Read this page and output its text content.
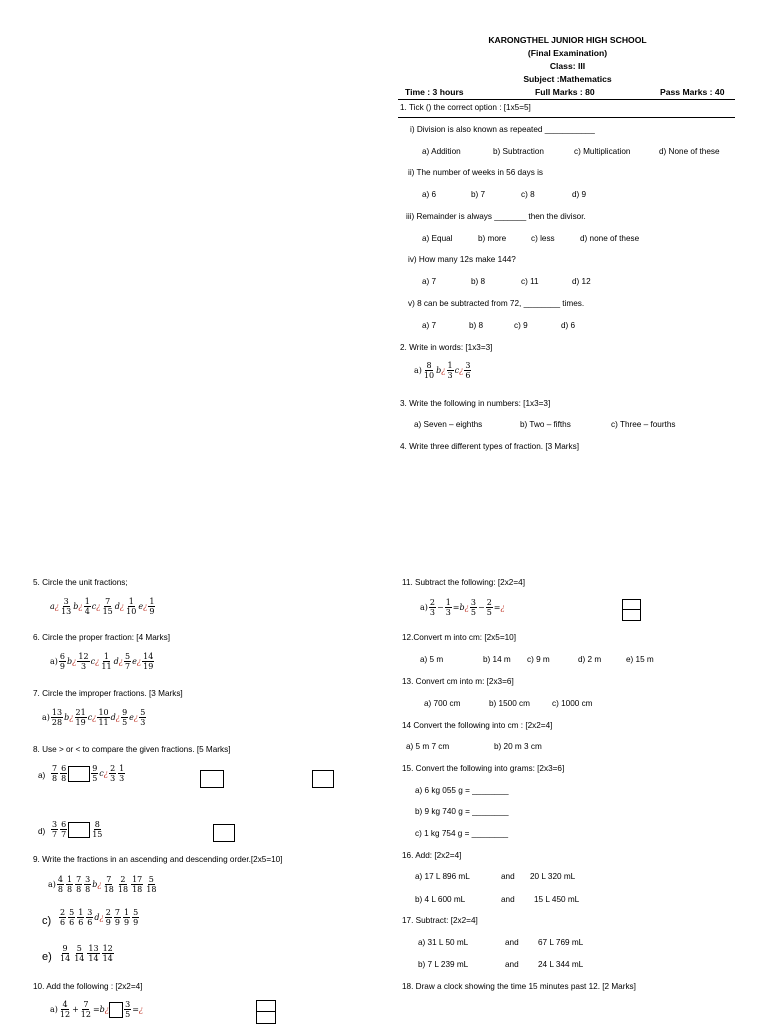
KARONGTHEL JUNIOR HIGH SCHOOL
(Final Examination)
Class: III
Subject :Mathematics
Time : 3 hours	Full Marks : 80	Pass Marks : 40
1. Tick () the correct option : [1x5=5]
i) Division is also known as repeated ___________
a) Addition	b) Subtraction	c) Multiplication	d) None of these
ii) The number of weeks in 56 days is
a) 6	b) 7	c) 8	d) 9
iii) Remainder is always _______ then the divisor.
a) Equal	b) more	c) less	d) none of these
iv) How many 12s make 144?
a) 7	b) 8	c) 11	d) 12
v) 8 can be subtracted from 72, ________ times.
a) 7	b) 8	c) 9	d) 6
2. Write in words: [1x3=3]
$a) \frac{8}{10}$ b ¿ $\frac{1}{3}$ c ¿ $\frac{3}{6}$
3. Write the following in numbers: [1x3=3]
a) Seven – eighths	b) Two – fifths	c) Three – fourths
4. Write three different types of fraction. [3 Marks]
5. Circle the unit fractions;
a ¿ $\frac{3}{13}$ b ¿ $\frac{1}{4}$ c ¿ $\frac{7}{15}$ d ¿ $\frac{1}{10}$ e ¿ $\frac{1}{9}$
6. Circle the proper fraction: [4 Marks]
$a) \frac{6}{9}$ b ¿ $\frac{12}{3}$ c ¿ $\frac{1}{11}$ d ¿ $\frac{5}{7}$ e ¿ $\frac{14}{19}$
7. Circle the improper fractions. [3 Marks]
$a) \frac{13}{28}$ b ¿ $\frac{21}{19}$ c ¿ $\frac{10}{11}$ d ¿ $\frac{9}{5}$ e ¿ $\frac{5}{3}$
8. Use > or < to compare the given fractions. [5 Marks]
$a) \frac{7}{8} \frac{6}{8}$	$\frac{9}{5}$ c ¿ $\frac{2}{3} \frac{1}{3}$
$d) \frac{3}{7} \frac{6}{7}$	$\frac{8}{15}$
9. Write the fractions in an ascending and descending order.[2x5=10]
$a) \frac{4}{8} \frac{1}{8} \frac{7}{8} \frac{3}{8}$ b ¿ $\frac{7}{18} \frac{2}{18} \frac{17}{18} \frac{5}{18}$
$c) \frac{2}{6} \frac{5}{6} \frac{1}{6} \frac{3}{6}$ d ¿ $\frac{2}{9} \frac{7}{9} \frac{1}{9} \frac{5}{9}$
$e) \frac{9}{14} \frac{5}{14} \frac{13}{14} \frac{12}{14}$
10. Add the following : [2x2=4]
$a) \frac{4}{12} + \frac{7}{12} = b$ ¿ $\frac{3}{5}$ = ¿
11. Subtract the following: [2x2=4]
$a) \frac{2}{3} - \frac{1}{3} = b$ ¿ $\frac{3}{5} - \frac{2}{5}$ = ¿
12.Convert m into cm: [2x5=10]
a) 5 m	b) 14 m c) 9 m	d) 2 m	e) 15 m
13. Convert cm into m: [2x3=6]
a) 700 cm	b) 1500 cm	c) 1000 cm
14 Convert the following into cm : [2x2=4]
a) 5 m 7 cm	b) 20 m 3 cm
15. Convert the following into grams: [2x3=6]
a) 6 kg 055 g = ________
b) 9 kg 740 g = ________
c) 1 kg 754 g = ________
16. Add: [2x2=4]
a) 17 L 896 mL	and 20 L 320 mL
b) 4 L 600 mL	and 15 L 450 mL
17. Subtract: [2x2=4]
a) 31 L 50 mL	and 67 L 769 mL
b) 7 L 239 mL	and 24 L 344 mL
18. Draw a clock showing the time 15 minutes past 12. [2 Marks]
